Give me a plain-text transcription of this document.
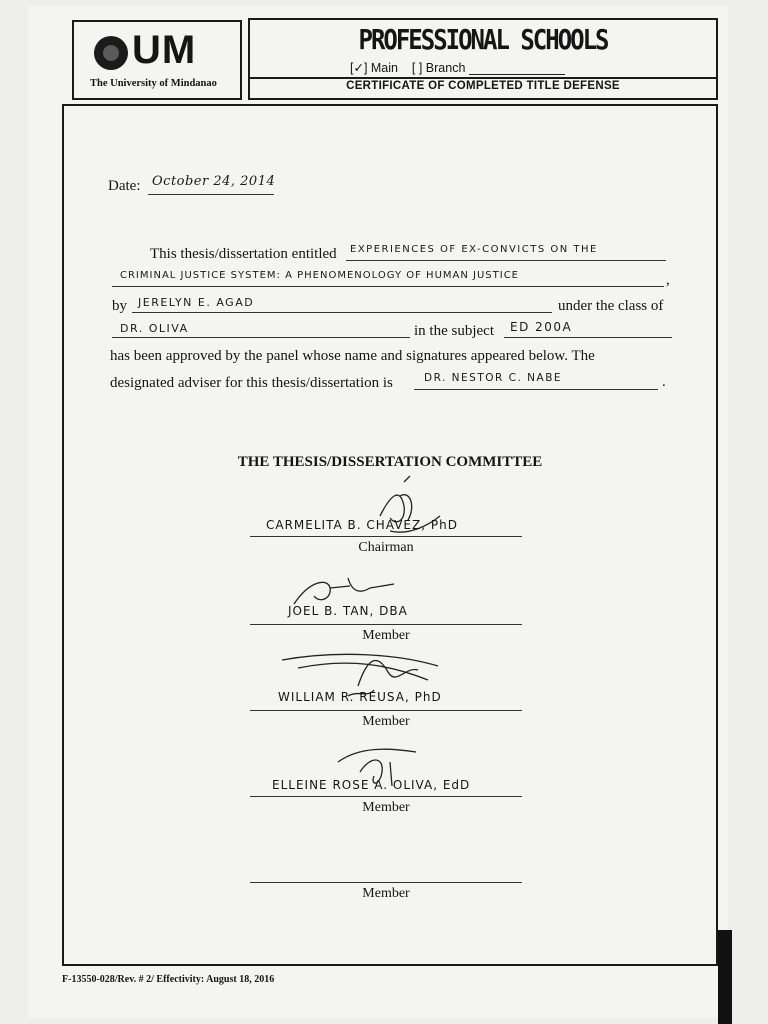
UM
The University of Mindanao
PROFESSIONAL SCHOOLS
[✓] Main [ ] Branch
CERTIFICATE OF COMPLETED TITLE DEFENSE
Date: October 24, 2014
This thesis/dissertation entitled EXPERIENCES OF EX-CONVICTS ON THE
CRIMINAL JUSTICE SYSTEM: A PHENOMENOLOGY OF HUMAN JUSTICE	,
by JERELYN E. AGAD	under the class of
DR. OLIVA	in the subject ED 200A
has been approved by the panel whose name and signatures appeared below. The
designated adviser for this thesis/dissertation is	DR. NESTOR C. NABE	.
THE THESIS/DISSERTATION COMMITTEE
CARMELITA B. CHAVEZ, PhD
Chairman
JOEL B. TAN, DBA
Member
WILLIAM R. REUSA, PhD
Member
ELLEINE ROSE A. OLIVA, EdD
Member
Member
F-13550-028/Rev. # 2/ Effectivity: August 18, 2016
